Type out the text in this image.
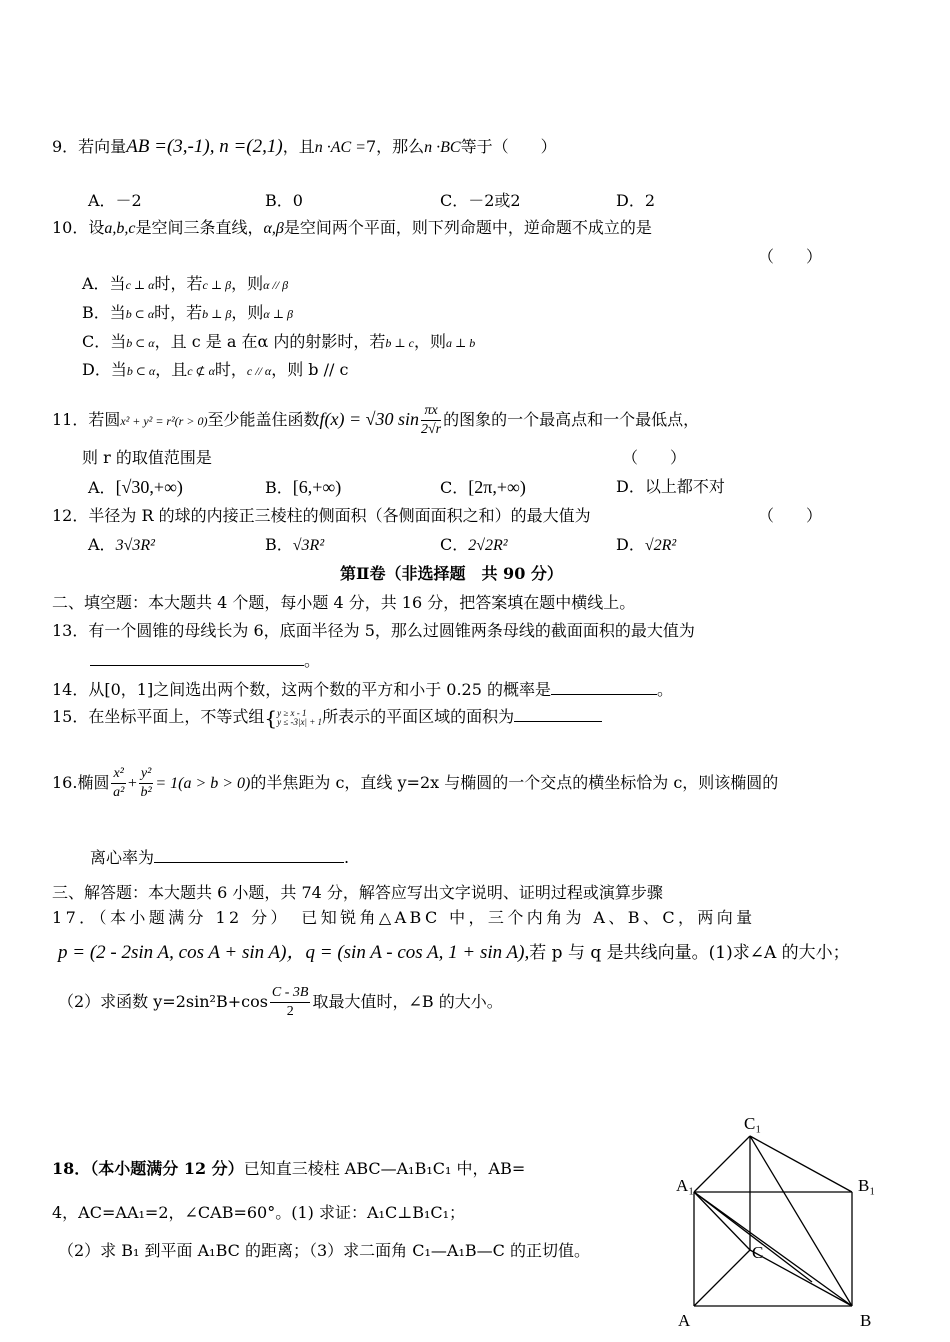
9．若向量AB =(3,-1), n =(2,1)，且n ·AC =7，那么n ·BC等于（　　）
A．－2	B．0	C．－2或2	D．2
10．设a,b,c是空间三条直线，α,β是空间两个平面，则下列命题中，逆命题不成立的是
（　　）
A．当c ⊥ α时，若c ⊥ β，则α // β
B．当b ⊂ α时，若b ⊥ β，则α ⊥ β
C．当b ⊂ α，且 c 是 a 在α 内的射影时，若b ⊥ c，则a ⊥ b
D．当b ⊂ α，且c ⊄ α时，c // α，则 b // c
11．若圆x² + y² = r²(r > 0)至少能盖住函数f(x) = √30 $\sin \frac{\pi x}{2√r}$ 的图象的一个最高点和一个最低点，
则 r 的取值范围是	（　　）
A．[√30,+∞)	B．[6,+∞)	C．[2π,+∞)	D．以上都不对
12．半径为 R 的球的内接正三棱柱的侧面积（各侧面面积之和）的最大值为	（　　）
A．3√3R²	B．√3R²	C．2√2R²	D．√2R²
第Ⅱ卷（非选择题　共 90 分）
二、填空题：本大题共 4 个题，每小题 4 分，共 16 分，把答案填在题中横线上。
13．有一个圆锥的母线长为 6，底面半径为 5，那么过圆锥两条母线的截面面积的最大值为
。
14．从[0，1]之间选出两个数，这两个数的平方和小于 0.25 的概率是	。
15．在坐标平面上，不等式组{ y ≥ x - 1
y ≤ -3|x| + 1 所表示的平面区域的面积为
16.椭圆 $\frac{\text{x²}}{\text{a²}} + \frac{\text{y²}}{\text{b²}} = 1(a > b > 0)$的半焦距为 c，直线 y=2x 与椭圆的一个交点的横坐标恰为 c，则该椭圆的
离心率为	.
三、解答题：本大题共 6 小题，共 74 分，解答应写出文字说明、证明过程或演算步骤
17．（本小题满分 12 分）　已知锐角△ABC 中，三个内角为 A、B、C，两向量
p = (2 - 2sin A, cos A + sin A)，q = (sin A - cos A, 1 + sin A),若 p 与 q 是共线向量。(1)求∠A 的大小；
（2）求函数 $y=2\sin^2B+\cos \frac{C - 3B}{2}$ 取最大值时，∠B 的大小。
18．（本小题满分 12 分）已知直三棱柱 ABC—A₁B₁C₁ 中，AB=
4，AC=AA₁=2，∠CAB=60°。(1) 求证：A₁C⊥B₁C₁；
（2）求 B₁ 到平面 A₁BC 的距离；（3）求二面角 C₁—A₁B—C 的正切值。
C₁
A₁	B₁
C
A	B
